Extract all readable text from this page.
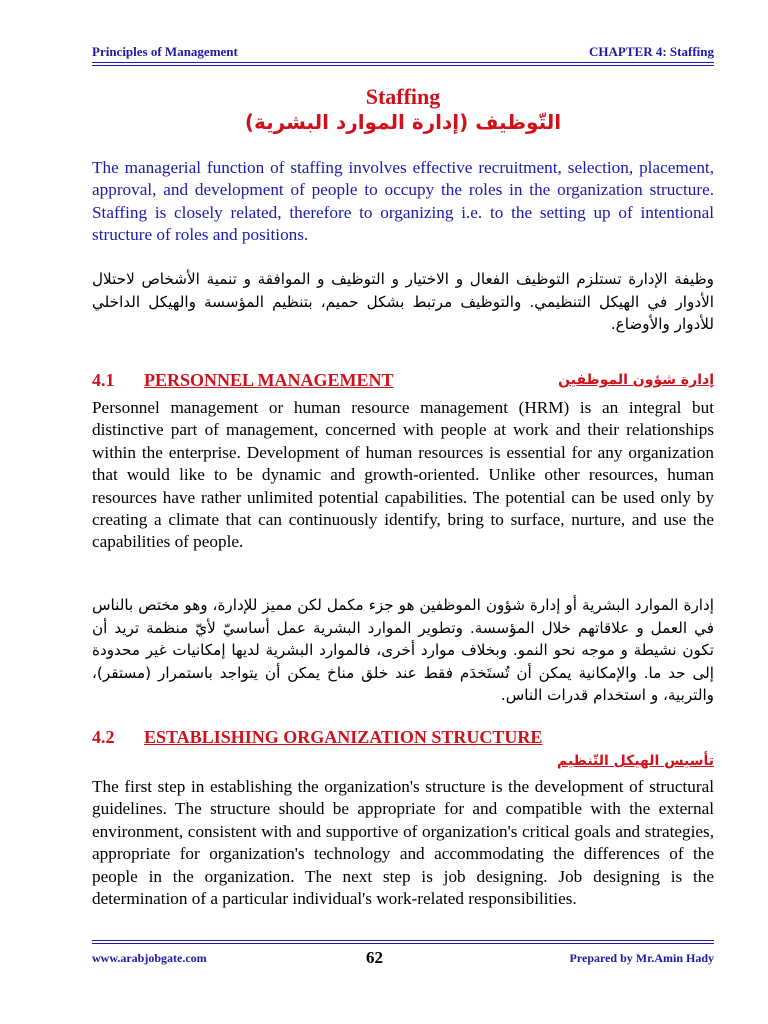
Principles of Management	CHAPTER 4: Staffing
Staffing
التّوظيف (إدارة الموارد البشرية)

The managerial function of staffing involves effective recruitment, selection, placement, approval, and development of people to occupy the roles in the organization structure. Staffing is closely related, therefore to organizing i.e. to the setting up of intentional structure of roles and positions.

وظيفة الإدارة تستلزم التوظيف الفعال و الاختيار و التوظيف و الموافقة و تنمية الأشخاص لاحتلال الأدوار في الهيكل التنظيمي. والتوظيف مرتبط بشكل حميم، بتنظيم المؤسسة والهيكل الداخلي للأدوار والأوضاع.

4.1 PERSONNEL MANAGEMENT	إدارة شؤون الموظفين

Personnel management or human resource management (HRM) is an integral but distinctive part of management, concerned with people at work and their relationships within the enterprise. Development of human resources is essential for any organization that would like to be dynamic and growth-oriented. Unlike other resources, human resources have rather unlimited potential capabilities. The potential can be used only by creating a climate that can continuously identify, bring to surface, nurture, and use the capabilities of people.

إدارة الموارد البشرية أو إدارة شؤون الموظفين هو جزء مكمل لكن مميز للإدارة، وهو مختص بالناس في العمل و علاقاتهم خلال المؤسسة. وتطوير الموارد البشرية عمل أساسيّ لأيّ منظمة تريد أن تكون نشيطة و موجه نحو النمو. وبخلاف موارد أخرى، فالموارد البشرية لديها إمكانيات غير محدودة إلى حد ما. والإمكانية يمكن أن تُستَخدَم فقط عند خلق مناخ يمكن أن يتواجد باستمرار (مستقر)، والتربية، و استخدام قدرات الناس.

4.2 ESTABLISHING ORGANIZATION STRUCTURE
تأسيس الهيكل التّنظيم

The first step in establishing the organization's structure is the development of structural guidelines. The structure should be appropriate for and compatible with the external environment, consistent with and supportive of organization's critical goals and strategies, appropriate for organization's technology and accommodating the differences of the people in the organization. The next step is job designing. Job designing is the determination of a particular individual's work-related responsibilities.

www.arabjobgate.com	62	Prepared by Mr.Amin Hady
